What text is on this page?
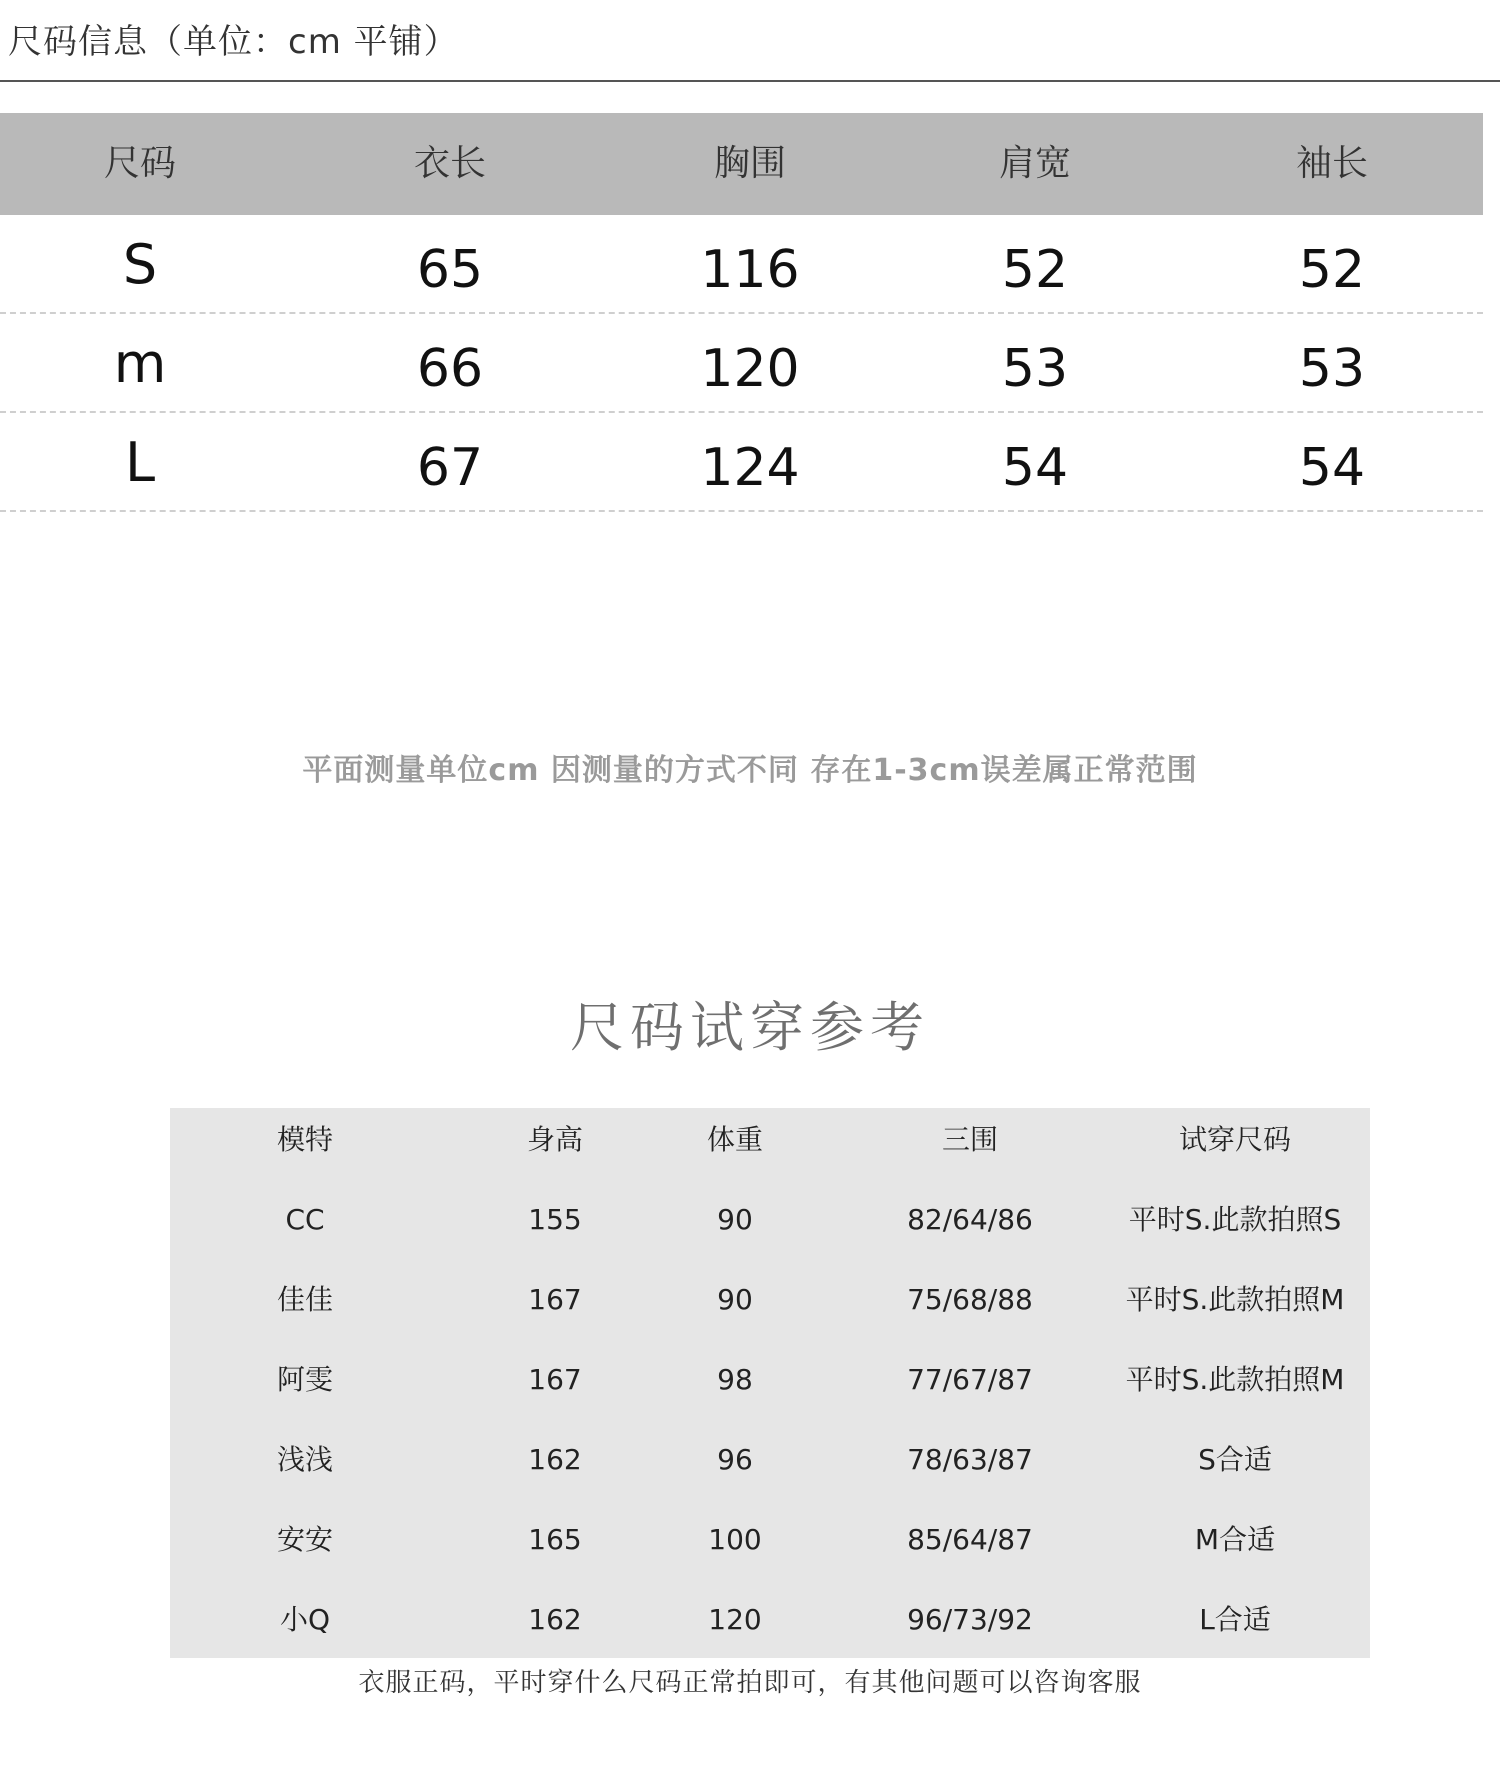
尺码信息（单位：cm 平铺）
尺码	衣长	胸围	肩宽	袖长
S	65	116	52	52
m	66	120	53	53
L	67	124	54	54
平面测量单位cm 因测量的方式不同 存在1-3cm误差属正常范围
尺码试穿参考
模特	身高	体重	三围	试穿尺码
CC	155	90	82/64/86	平时S.此款拍照S
佳佳	167	90	75/68/88	平时S.此款拍照M
阿雯	167	98	77/67/87	平时S.此款拍照M
浅浅	162	96	78/63/87	S合适
安安	165	100	85/64/87	M合适
小Q	162	120	96/73/92	L合适
衣服正码，平时穿什么尺码正常拍即可，有其他问题可以咨询客服
